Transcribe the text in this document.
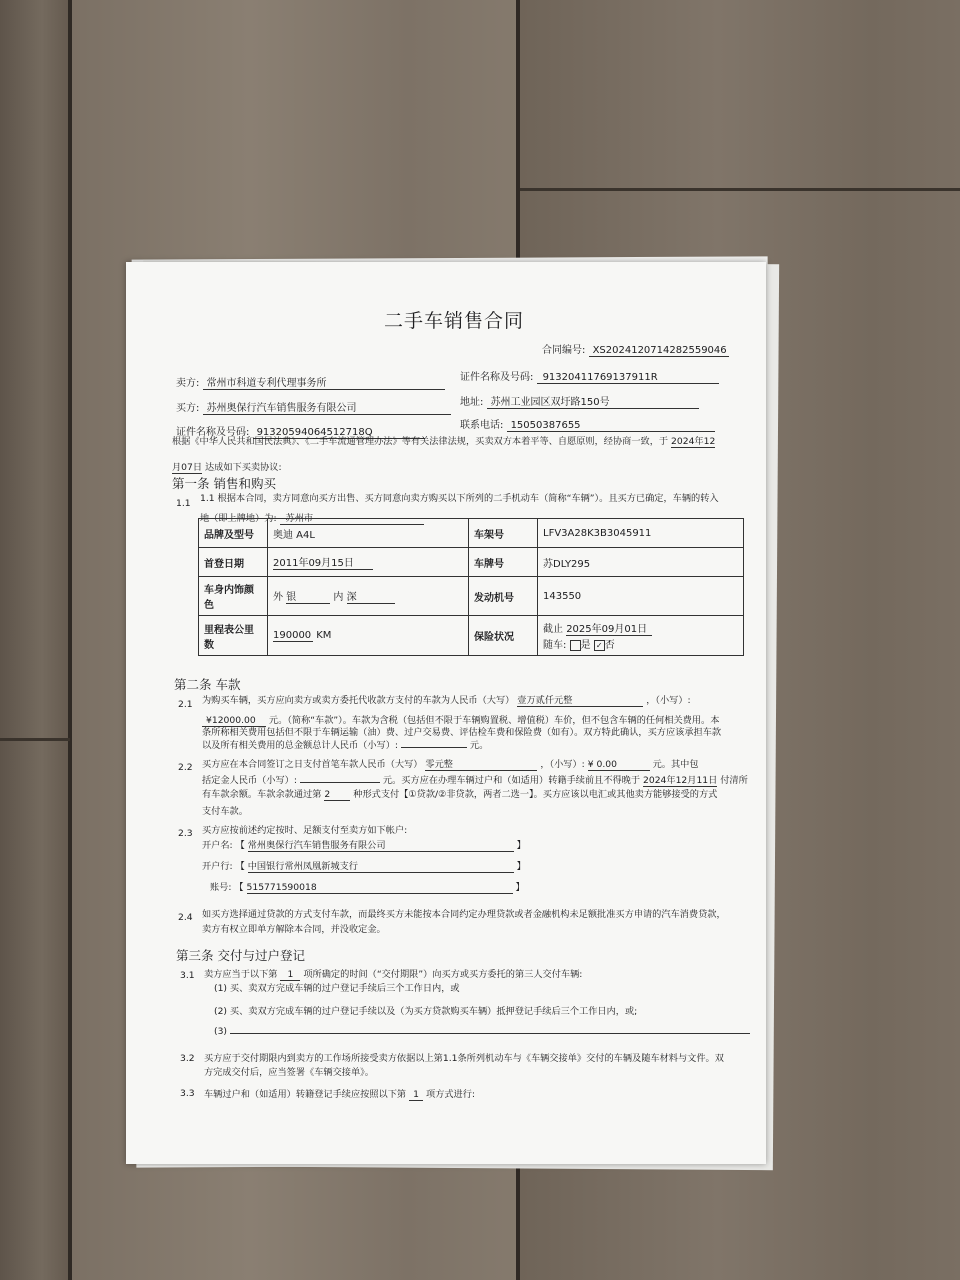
二手车销售合同
合同编号: XS2024120714282559046
卖方: 常州市科道专利代理事务所
证件名称及号码: 91320411769137911R
买方: 苏州奥保行汽车销售服务有限公司
地址: 苏州工业园区双圩路150号
证件名称及号码: 91320594064512718Q
联系电话: 15050387655
根据《中华人民共和国民法典》、《二手车流通管理办法》等有关法律法规，买卖双方本着平等、自愿原则，经协商一致，于 2024年12
月07日 达成如下买卖协议:
第一条 销售和购买
1.1 1.1 根据本合同，卖方同意向买方出售、买方同意向卖方购买以下所列的二手机动车（简称“车辆”）。且买方已确定，车辆的转入
地（即上牌地）为: 苏州市
品牌及型号	奥迪 A4L	车架号	LFV3A28K3B3045911
首登日期	2011年09月15日	车牌号	苏DLY295
车身内饰颜色	外 银 内 深	发动机号	143550
里程表公里数	190000 KM	保险状况	截止 2025年09月01日
随车: 是 ✓ 否
第二条 车款
2.1 为购买车辆，买方应向卖方或卖方委托代收款方支付的车款为人民币（大写） 壹万贰仟元整	，（小写）:
¥12000.00 元。（简称“车款”）。车款为含税（包括但不限于车辆购置税、增值税）车价，但不包含车辆的任何相关费用。本
条所称相关费用包括但不限于车辆运输（油）费、过户交易费、评估检车费和保险费（如有）。双方特此确认，买方应该承担车款
以及所有相关费用的总金额总计人民币（小写）:	元。
2.2 买方应在本合同签订之日支付首笔车款人民币（大写） 零元整	，（小写）: ¥ 0.00	元。其中包
括定金人民币（小写）:	元。买方应在办理车辆过户和（如适用）转籍手续前且不得晚于 2024年12月11日 付清所
有车款余额。车款余款通过第 2	种形式支付【①贷款/②非贷款，两者二选一】。买方应该以电汇或其他卖方能够接受的方式
支付车款。
2.3 买方应按前述约定按时、足额支付至卖方如下帐户:
开户名: 【 常州奥保行汽车销售服务有限公司	】
开户行: 【 中国银行常州凤凰新城支行	】
账号: 【 515771590018	】
2.4 如买方选择通过贷款的方式支付车款，而最终买方未能按本合同约定办理贷款或者金融机构未足额批准买方申请的汽车消费贷款，
卖方有权立即单方解除本合同，并没收定金。
第三条 交付与过户登记
3.1 卖方应当于以下第 1 项所确定的时间（“交付期限”）向买方或买方委托的第三人交付车辆:
(1) 买、卖双方完成车辆的过户登记手续后三个工作日内，或
(2) 买、卖双方完成车辆的过户登记手续以及（为买方贷款购买车辆）抵押登记手续后三个工作日内，或;
(3)
3.2 买方应于交付期限内到卖方的工作场所接受卖方依据以上第1.1条所列机动车与《车辆交接单》交付的车辆及随车材料与文件。双
方完成交付后，应当签署《车辆交接单》。
3.3 车辆过户和（如适用）转籍登记手续应按照以下第 1 项方式进行:
